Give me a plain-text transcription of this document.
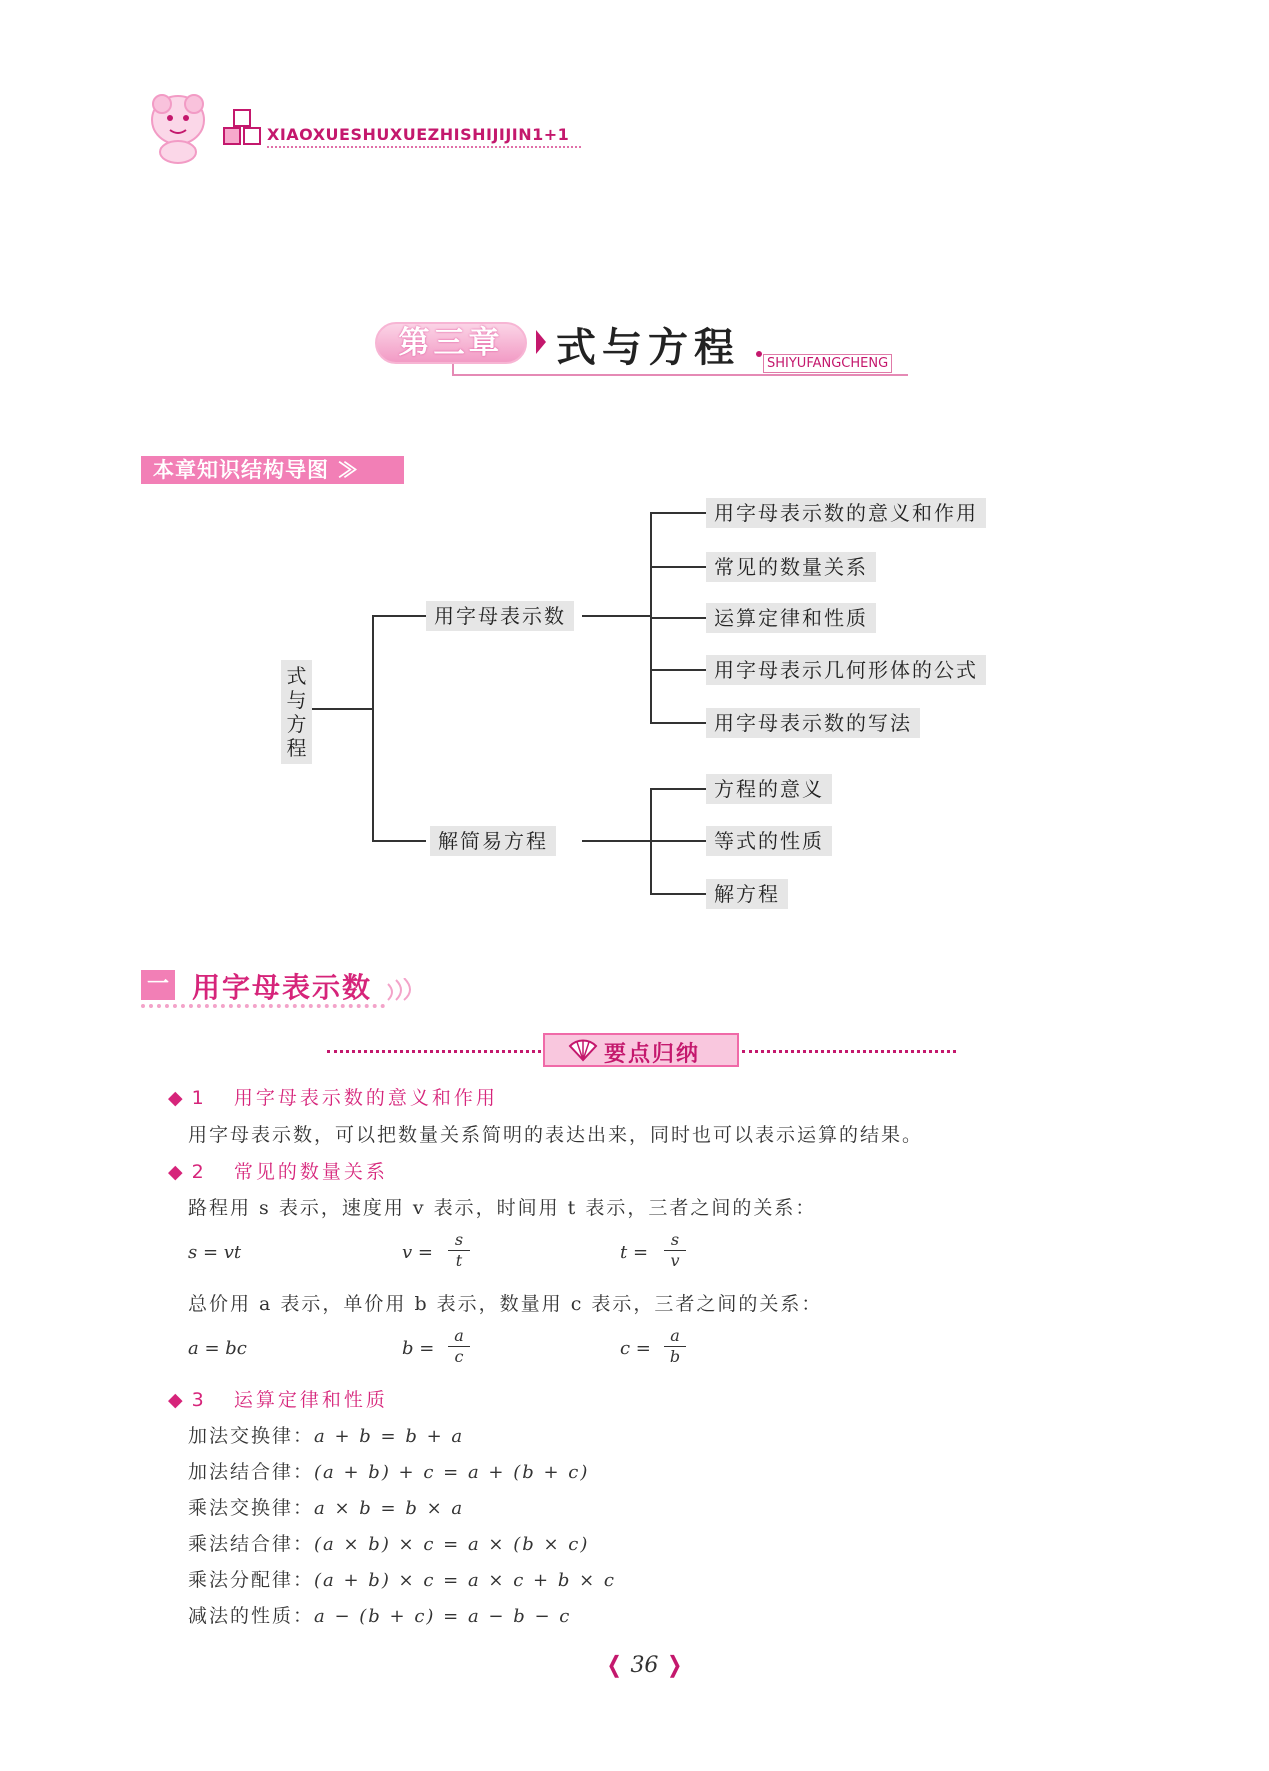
XIAOXUESHUXUEZHISHIJIJIN1+1
第三章	式与方程	SHIYUFANGCHENG
本章知识结构导图 ≫
式与方程
用字母表示数
解简易方程
用字母表示数的意义和作用
常见的数量关系
运算定律和性质
用字母表示几何形体的公式
用字母表示数的写法
方程的意义
等式的性质
解方程
一 用字母表示数
要点归纳
◆ 1 用字母表示数的意义和作用
用字母表示数，可以把数量关系简明的表达出来，同时也可以表示运算的结果。
◆ 2 常见的数量关系
路程用 s 表示，速度用 v 表示，时间用 t 表示，三者之间的关系：
s = vt	$v = \frac{s}{t}$	$t = \frac{s}{v}$
总价用 a 表示，单价用 b 表示，数量用 c 表示，三者之间的关系：
a = bc	$b = \frac{a}{c}$	$c = \frac{a}{b}$
◆ 3 运算定律和性质
加法交换律：a + b = b + a
加法结合律：(a + b) + c = a + (b + c)
乘法交换律：a × b = b × a
乘法结合律：(a × b) × c = a × (b × c)
乘法分配律：(a + b) × c = a × c + b × c
减法的性质：a − (b + c) = a − b − c
❬ 36 ❭
